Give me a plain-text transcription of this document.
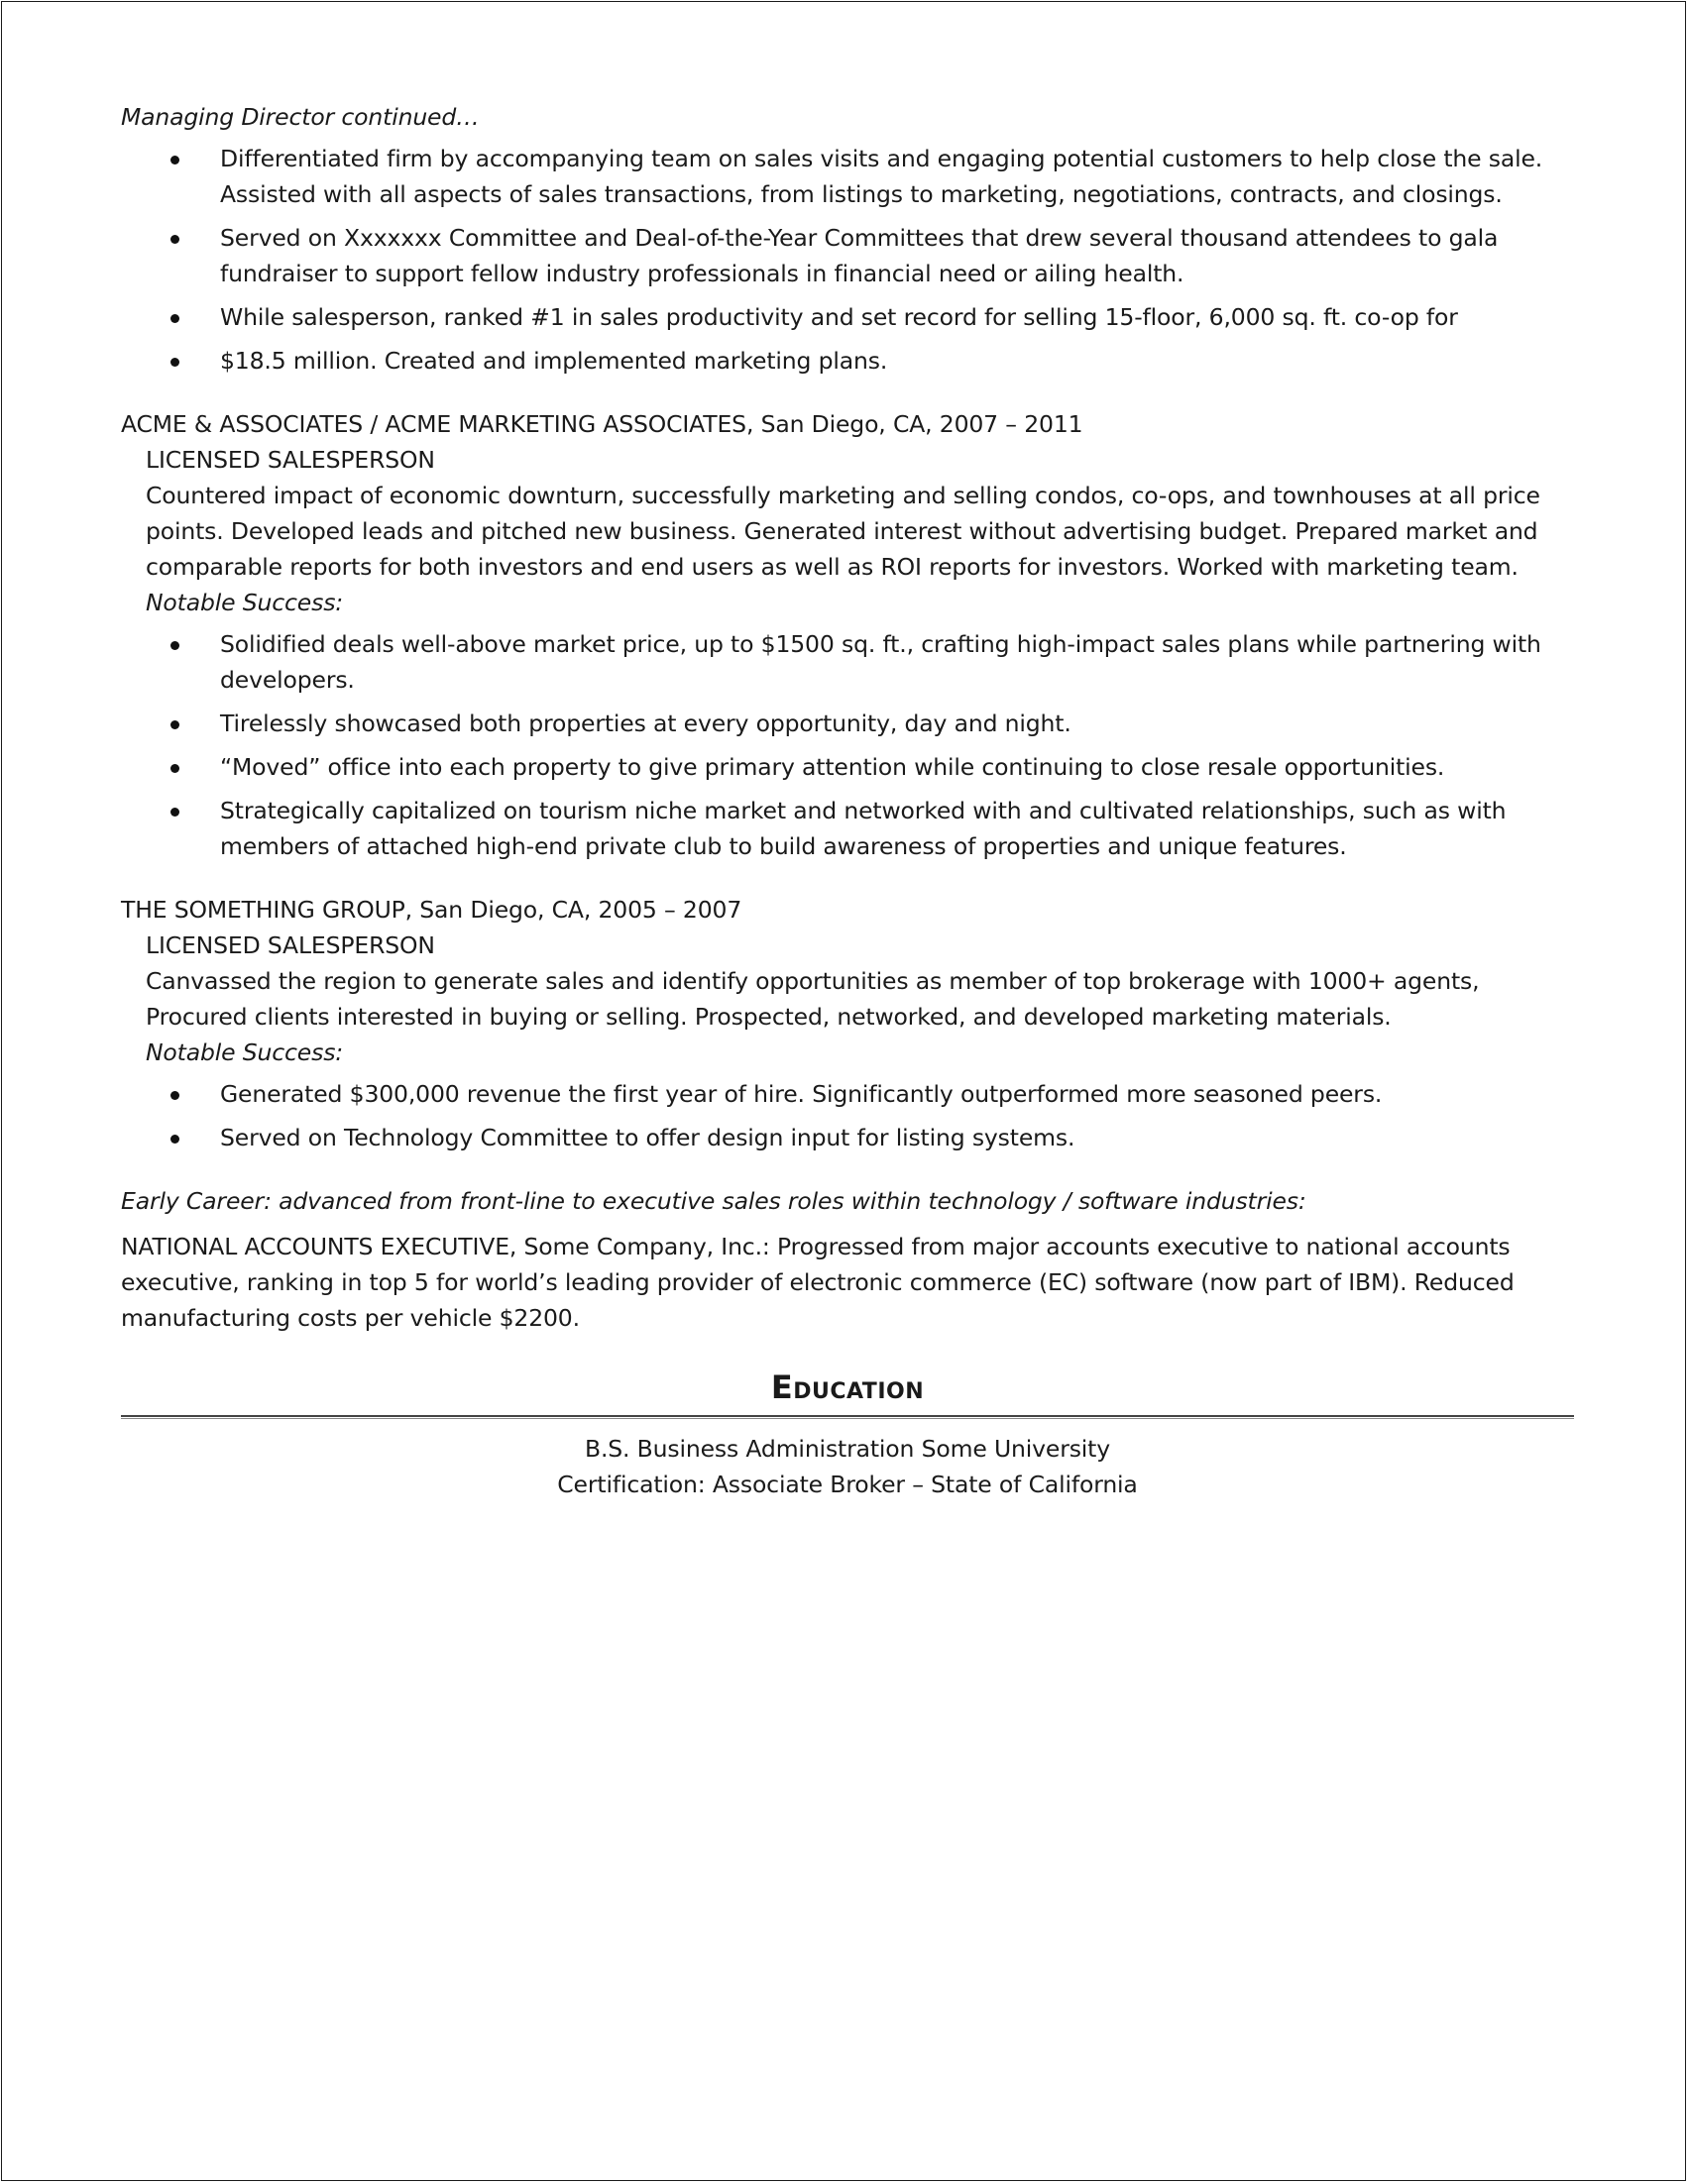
Managing Director continued…

Differentiated firm by accompanying team on sales visits and engaging potential customers to help close the sale. Assisted with all aspects of sales transactions, from listings to marketing, negotiations, contracts, and closings.
Served on Xxxxxxx Committee and Deal-of-the-Year Committees that drew several thousand attendees to gala fundraiser to support fellow industry professionals in financial need or ailing health.
While salesperson, ranked #1 in sales productivity and set record for selling 15-floor, 6,000 sq. ft. co-op for
$18.5 million. Created and implemented marketing plans.

ACME & ASSOCIATES / ACME MARKETING ASSOCIATES, San Diego, CA, 2007 – 2011

LICENSED SALESPERSON

Countered impact of economic downturn, successfully marketing and selling condos, co-ops, and townhouses at all price points. Developed leads and pitched new business. Generated interest without advertising budget. Prepared market and comparable reports for both investors and end users as well as ROI reports for investors. Worked with marketing team.

Notable Success:

Solidified deals well-above market price, up to $1500 sq. ft., crafting high-impact sales plans while partnering with developers.
Tirelessly showcased both properties at every opportunity, day and night.
“Moved” office into each property to give primary attention while continuing to close resale opportunities.
Strategically capitalized on tourism niche market and networked with and cultivated relationships, such as with members of attached high-end private club to build awareness of properties and unique features.

THE SOMETHING GROUP, San Diego, CA, 2005 – 2007

LICENSED SALESPERSON

Canvassed the region to generate sales and identify opportunities as member of top brokerage with 1000+ agents, Procured clients interested in buying or selling. Prospected, networked, and developed marketing materials.

Notable Success:

Generated $300,000 revenue the first year of hire. Significantly outperformed more seasoned peers.
Served on Technology Committee to offer design input for listing systems.

Early Career: advanced from front-line to executive sales roles within technology / software industries:

NATIONAL ACCOUNTS EXECUTIVE, Some Company, Inc.: Progressed from major accounts executive to national accounts executive, ranking in top 5 for world’s leading provider of electronic commerce (EC) software (now part of IBM). Reduced manufacturing costs per vehicle $2200.

Education

B.S. Business Administration Some University

Certification: Associate Broker – State of California
